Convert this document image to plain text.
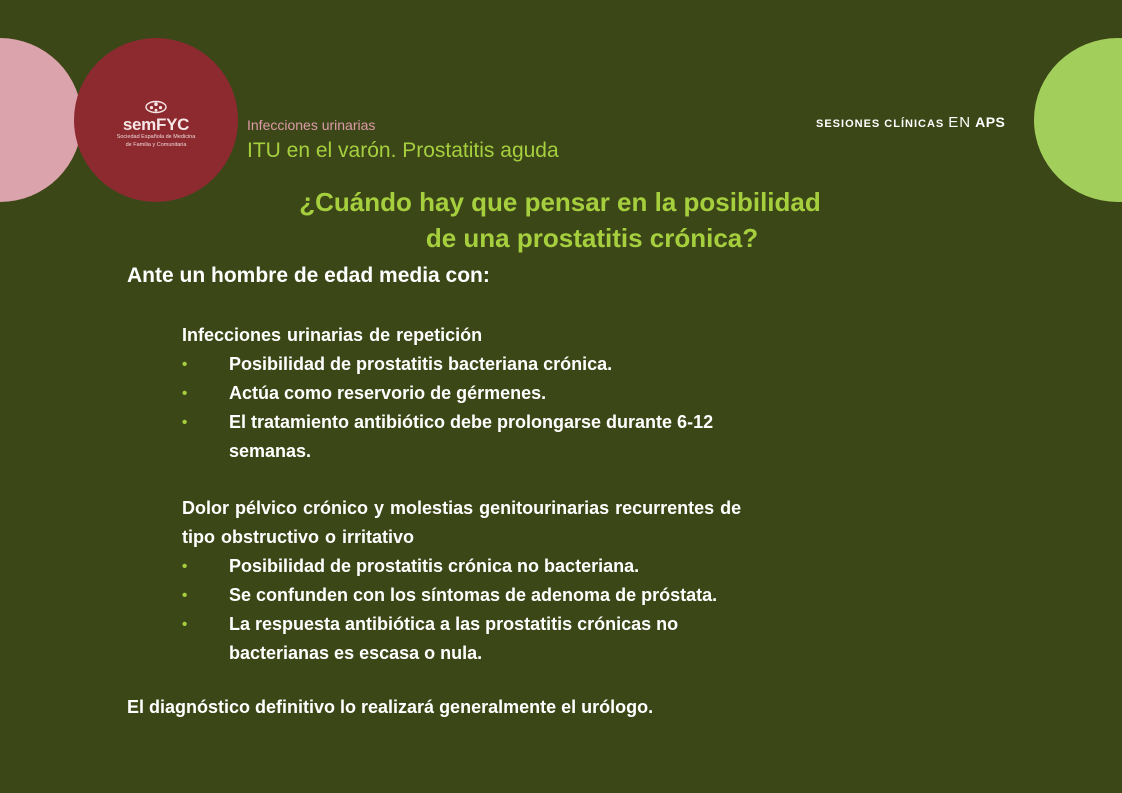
semFYC
Sociedad Española de Medicina
de Familia y Comunitaria
Infecciones urinarias
ITU en el varón. Prostatitis aguda
SESIONES CLÍNICAS EN APS
¿Cuándo hay que pensar en la posibilidad
de una prostatitis crónica?
Ante un hombre de edad media con:
Infecciones urinarias de repetición
• Posibilidad de prostatitis bacteriana crónica.
• Actúa como reservorio de gérmenes.
• El tratamiento antibiótico debe prolongarse durante 6-12
semanas.
Dolor pélvico crónico y molestias genitourinarias recurrentes de
tipo obstructivo o irritativo
• Posibilidad de prostatitis crónica no bacteriana.
• Se confunden con los síntomas de adenoma de próstata.
• La respuesta antibiótica a las prostatitis crónicas no
bacterianas es escasa o nula.
El diagnóstico definitivo lo realizará generalmente el urólogo.
